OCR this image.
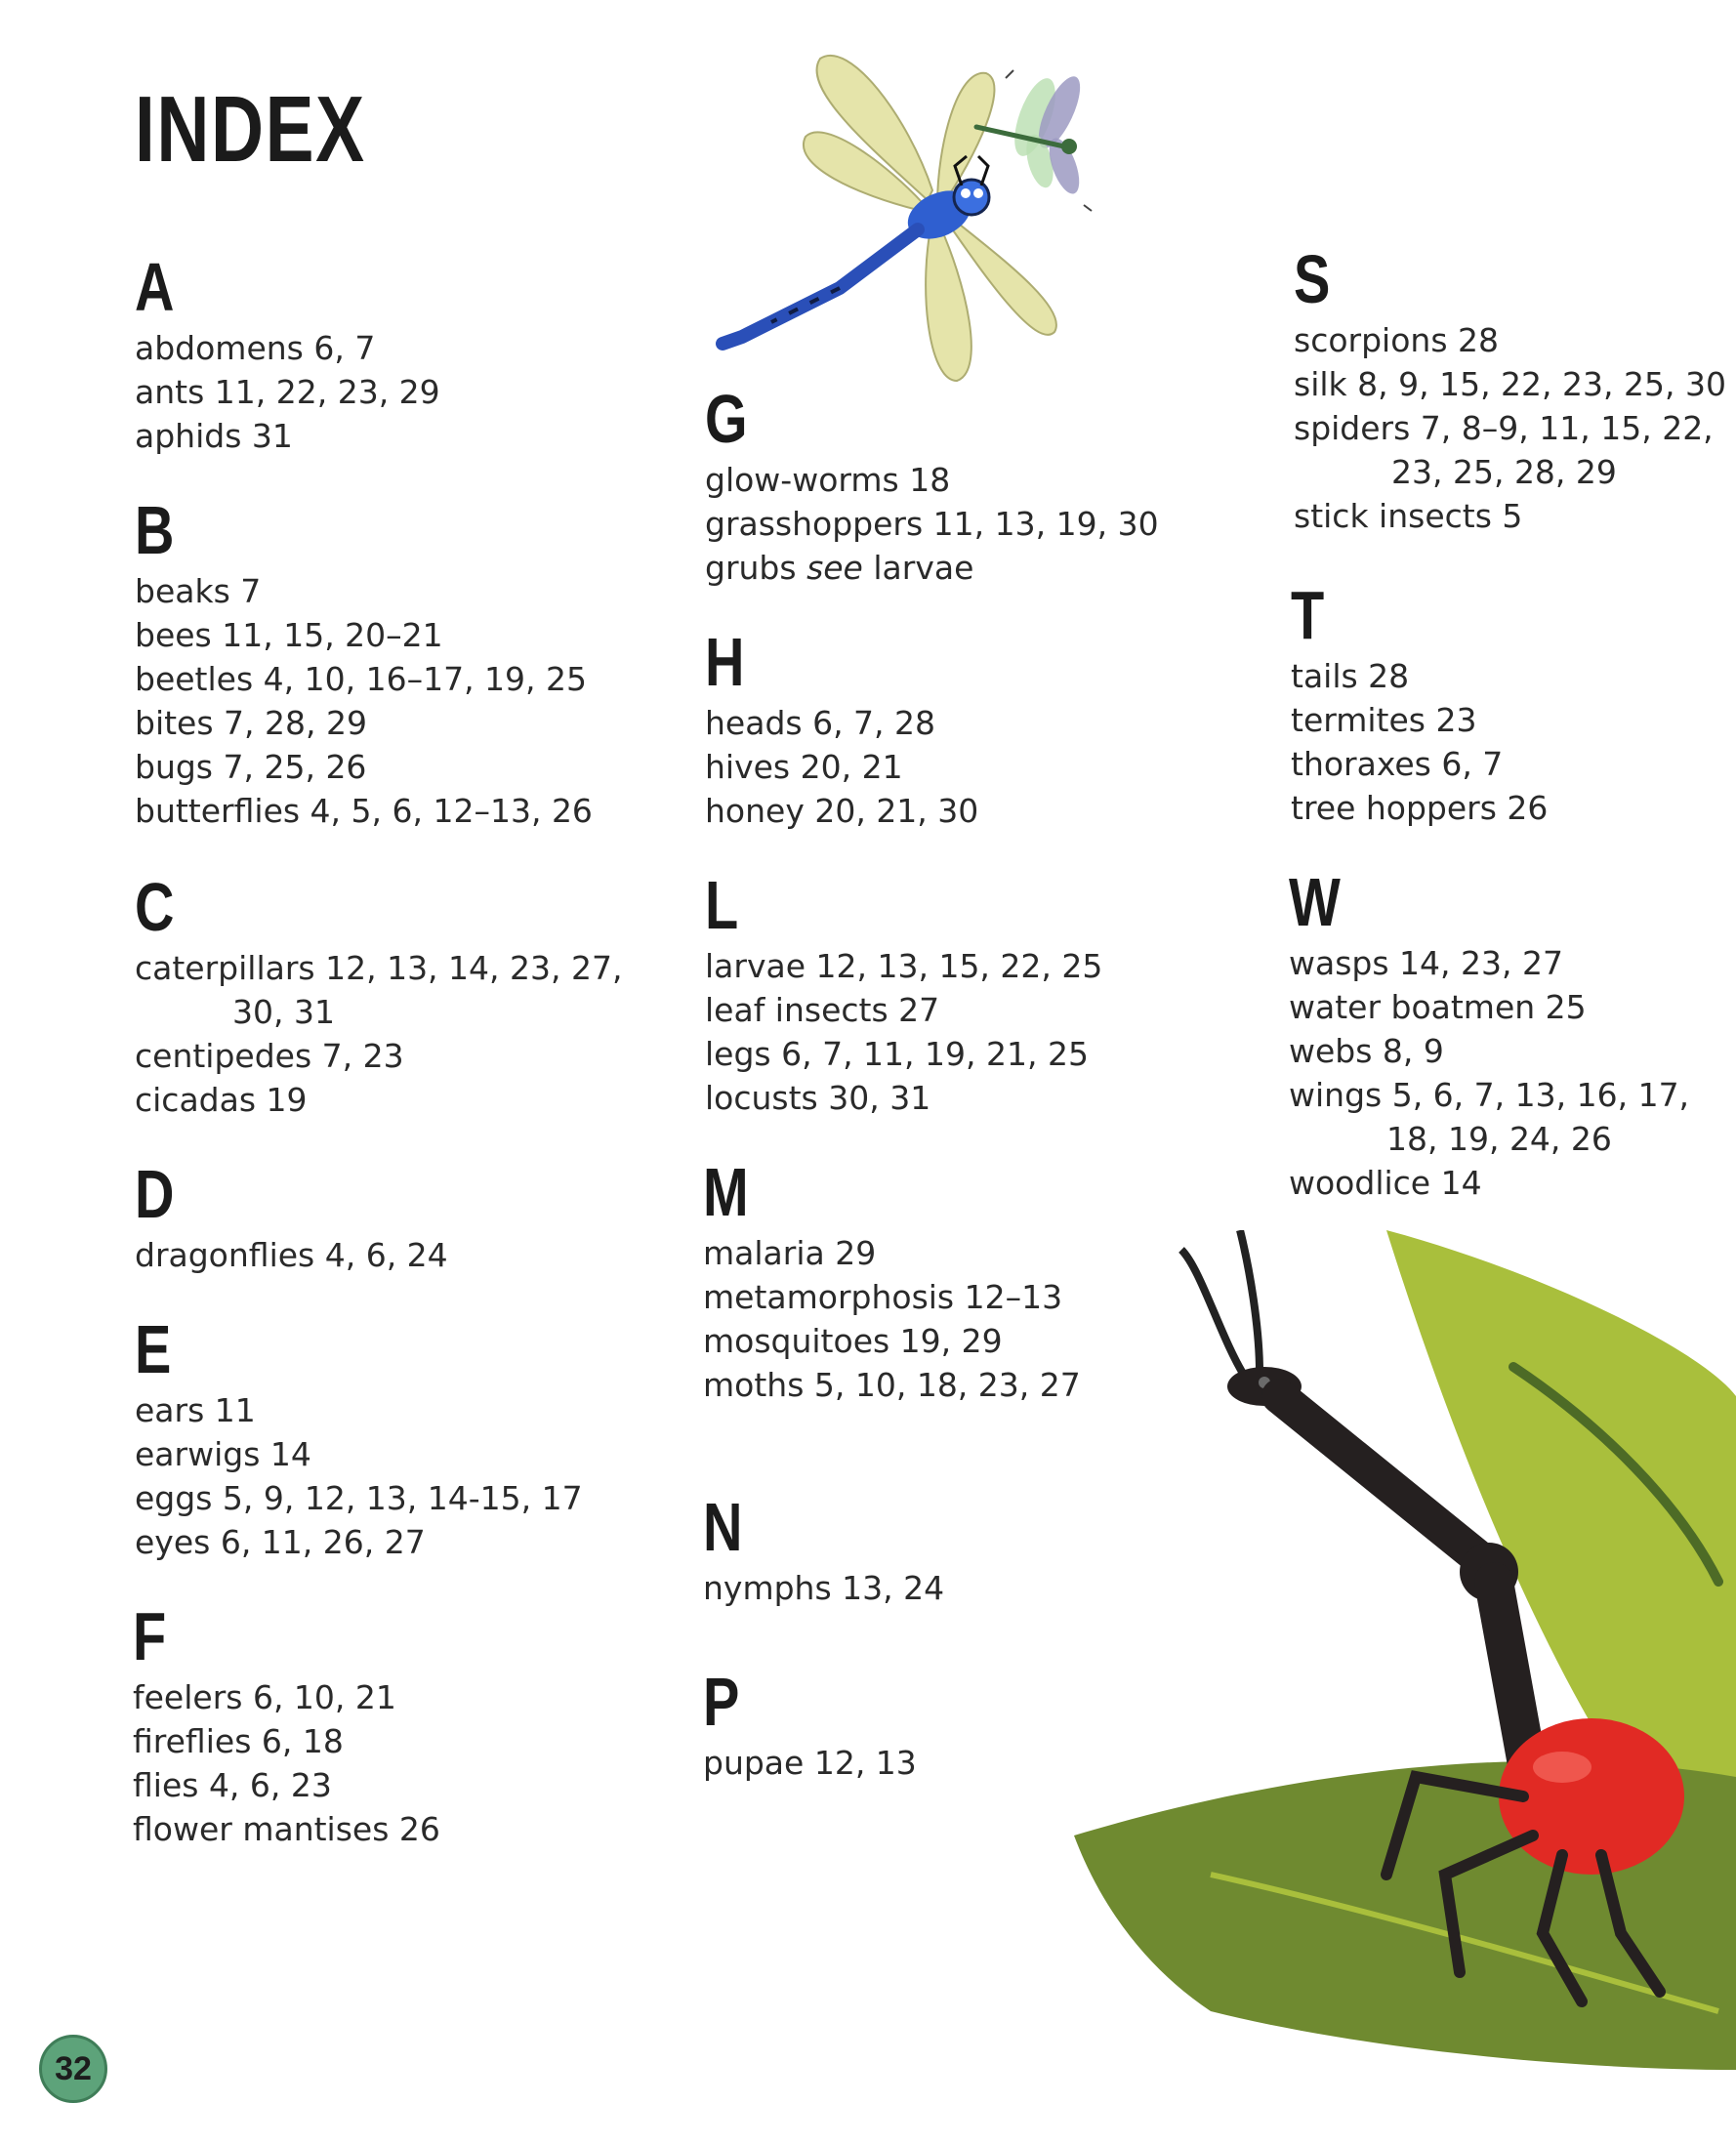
INDEX
A
abdomens 6, 7
ants 11, 22, 23, 29
aphids 31
B
beaks 7
bees 11, 15, 20–21
beetles 4, 10, 16–17, 19, 25
bites 7, 28, 29
bugs 7, 25, 26
butterflies 4, 5, 6, 12–13, 26
C
caterpillars 12, 13, 14, 23, 27,
30, 31
centipedes 7, 23
cicadas 19
D
dragonflies 4, 6, 24
E
ears 11
earwigs 14
eggs 5, 9, 12, 13, 14-15, 17
eyes 6, 11, 26, 27
F
feelers 6, 10, 21
fireflies 6, 18
flies 4, 6, 23
flower mantises 26
G
glow-worms 18
grasshoppers 11, 13, 19, 30
grubs see larvae
H
heads 6, 7, 28
hives 20, 21
honey 20, 21, 30
L
larvae 12, 13, 15, 22, 25
leaf insects 27
legs 6, 7, 11, 19, 21, 25
locusts 30, 31
M
malaria 29
metamorphosis 12–13
mosquitoes 19, 29
moths 5, 10, 18, 23, 27
N
nymphs 13, 24
P
pupae 12, 13
S
scorpions 28
silk 8, 9, 15, 22, 23, 25, 30
spiders 7, 8–9, 11, 15, 22,
23, 25, 28, 29
stick insects 5
T
tails 28
termites 23
thoraxes 6, 7
tree hoppers 26
W
wasps 14, 23, 27
water boatmen 25
webs 8, 9
wings 5, 6, 7, 13, 16, 17,
18, 19, 24, 26
woodlice 14
32
